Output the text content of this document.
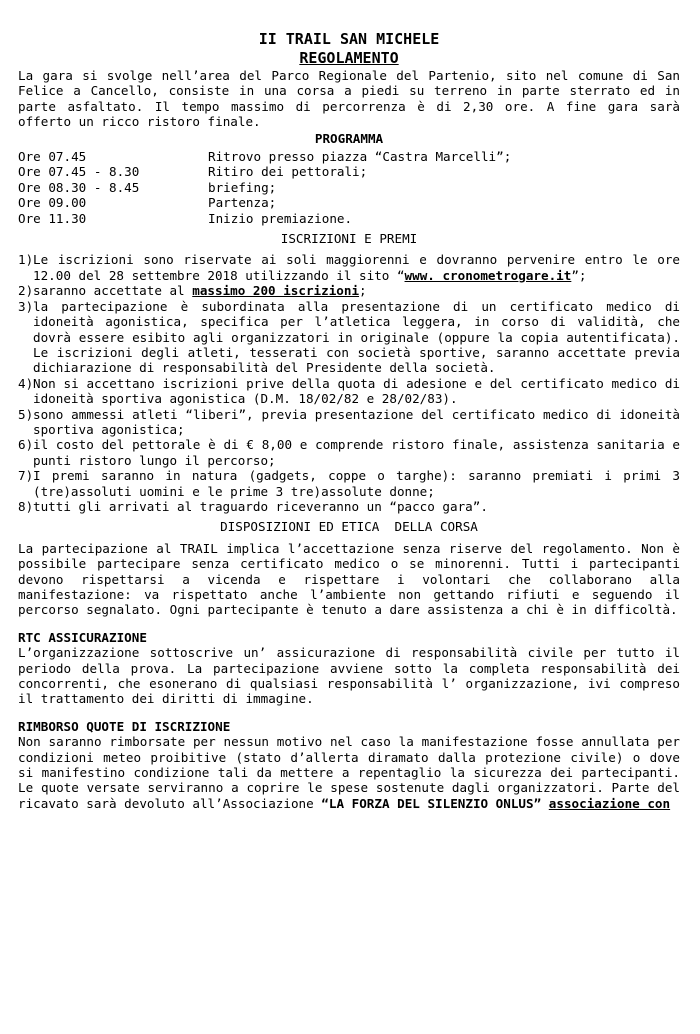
II TRAIL SAN MICHELE
REGOLAMENTO

La gara si svolge nell’area del Parco Regionale del Partenio, sito nel comune di San Felice a Cancello, consiste in una corsa a piedi su terreno in parte sterrato ed in parte asfaltato. Il tempo massimo di percorrenza è di 2,30 ore. A fine gara sarà offerto un ricco ristoro finale.

PROGRAMMA
Ore 07.45	Ritrovo presso piazza “Castra Marcelli”;
Ore 07.45 - 8.30	Ritiro dei pettorali;
Ore 08.30 - 8.45	briefing;
Ore 09.00	Partenza;
Ore 11.30	Inizio premiazione.
ISCRIZIONI E PREMI
1) Le iscrizioni sono riservate ai soli maggiorenni e dovranno pervenire entro le ore 12.00 del 28 settembre 2018 utilizzando il sito “www. cronometrogare.it”;
2) saranno accettate al massimo 200 iscrizioni;
3) la partecipazione è subordinata alla presentazione di un certificato medico di idoneità agonistica, specifica per l’atletica leggera, in corso di validità, che dovrà essere esibito agli organizzatori in originale (oppure la copia autentificata). Le iscrizioni degli atleti, tesserati con società sportive, saranno accettate previa dichiarazione di responsabilità del Presidente della società.
4) Non si accettano iscrizioni prive della quota di adesione e del certificato medico di idoneità sportiva agonistica (D.M. 18/02/82 e 28/02/83).
5) sono ammessi atleti “liberi”, previa presentazione del certificato medico di idoneità sportiva agonistica;
6) il costo del pettorale è di € 8,00 e comprende ristoro finale, assistenza sanitaria e punti ristoro lungo il percorso;
7) I premi saranno in natura (gadgets, coppe o targhe): saranno premiati i primi 3 (tre)assoluti uomini e le prime 3 tre)assolute donne;
8) tutti gli arrivati al traguardo riceveranno un “pacco gara”.
DISPOSIZIONI ED ETICA  DELLA CORSA

La partecipazione al TRAIL implica l’accettazione senza riserve del regolamento. Non è possibile partecipare senza certificato medico o se minorenni. Tutti i partecipanti devono rispettarsi a vicenda e rispettare i volontari che collaborano alla manifestazione: va rispettato anche l’ambiente non gettando rifiuti e seguendo il percorso segnalato. Ogni partecipante è tenuto a dare assistenza a chi è in difficoltà.

RTC ASSICURAZIONE

L’organizzazione sottoscrive un’ assicurazione di responsabilità civile per tutto il periodo della prova. La partecipazione avviene sotto la completa responsabilità dei concorrenti, che esonerano di qualsiasi responsabilità l’ organizzazione, ivi compreso il trattamento dei diritti di immagine.

RIMBORSO QUOTE DI ISCRIZIONE

Non saranno rimborsate per nessun motivo nel caso la manifestazione fosse annullata per condizioni meteo proibitive (stato d’allerta diramato dalla protezione civile) o dove si manifestino condizione tali da mettere a repentaglio la sicurezza dei partecipanti. Le quote versate serviranno a coprire le spese sostenute dagli organizzatori. Parte del ricavato sarà devoluto all’Associazione “LA FORZA DEL SILENZIO ONLUS” associazione con
